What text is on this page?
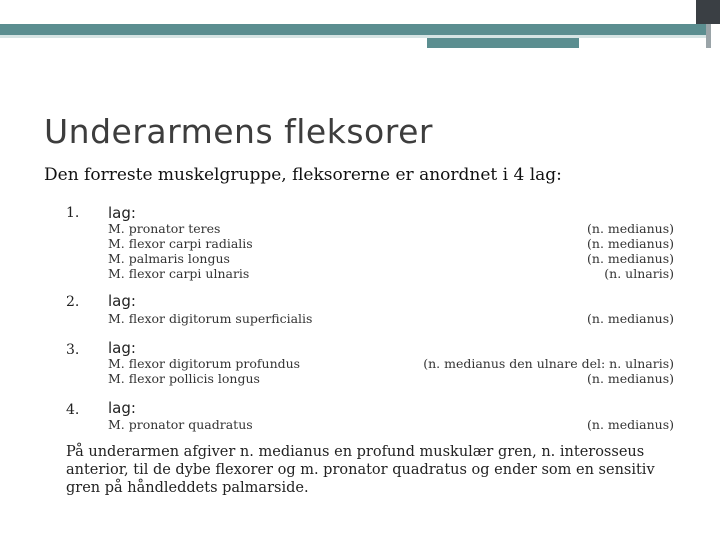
Underarmens fleksorer
Den forreste muskelgruppe, fleksorerne er anordnet i 4 lag:
1. lag:
M. pronator teres
M. flexor carpi radialis
M. palmaris longus
M. flexor carpi ulnaris
(n. medianus)
(n. medianus)
(n. medianus)
(n. ulnaris)
2. lag:
M. flexor digitorum superficialis	(n. medianus)
3. lag:
M. flexor digitorum profundus
M. flexor pollicis longus
(n. medianus den ulnare del: n. ulnaris)
(n. medianus)
4. lag:
M. pronator quadratus	(n. medianus)
På underarmen afgiver n. medianus en profund muskulær gren, n. interosseus anterior, til de dybe flexorer og m. pronator quadratus og ender som en sensitiv gren på håndleddets palmarside.
